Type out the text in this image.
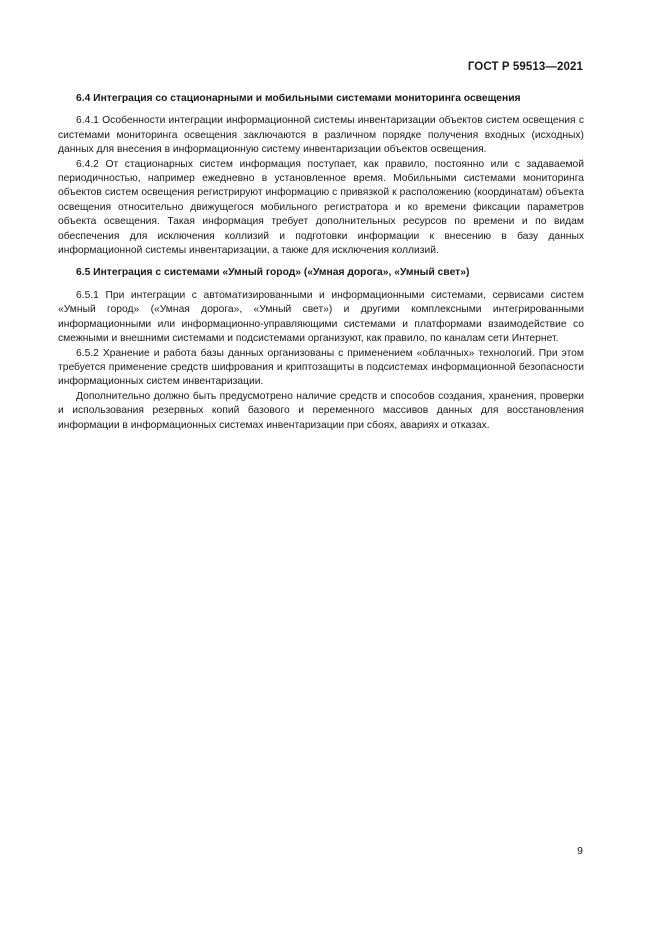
ГОСТ Р 59513—2021

6.4 Интеграция со стационарными и мобильными системами мониторинга освещения

6.4.1 Особенности интеграции информационной системы инвентаризации объектов систем освещения с системами мониторинга освещения заключаются в различном порядке получения входных (исходных) данных для внесения в информационную систему инвентаризации объектов освещения.

6.4.2 От стационарных систем информация поступает, как правило, постоянно или с задаваемой периодичностью, например ежедневно в установленное время. Мобильными системами мониторинга объектов систем освещения регистрируют информацию с привязкой к расположению (координатам) объекта освещения относительно движущегося мобильного регистратора и ко времени фиксации параметров объекта освещения. Такая информация требует дополнительных ресурсов по времени и по видам обеспечения для исключения коллизий и подготовки информации к внесению в базу данных информационной системы инвентаризации, а также для исключения коллизий.

6.5 Интеграция с системами «Умный город» («Умная дорога», «Умный свет»)

6.5.1 При интеграции с автоматизированными и информационными системами, сервисами систем «Умный город» («Умная дорога», «Умный свет») и другими комплексными интегрированными информационными или информационно-управляющими системами и платформами взаимодействие со смежными и внешними системами и подсистемами организуют, как правило, по каналам сети Интернет.

6.5.2 Хранение и работа базы данных организованы с применением «облачных» технологий. При этом требуется применение средств шифрования и криптозащиты в подсистемах информационной безопасности информационных систем инвентаризации.

Дополнительно должно быть предусмотрено наличие средств и способов создания, хранения, проверки и использования резервных копий базового и переменного массивов данных для восстановления информации в информационных системах инвентаризации при сбоях, авариях и отказах.

9
